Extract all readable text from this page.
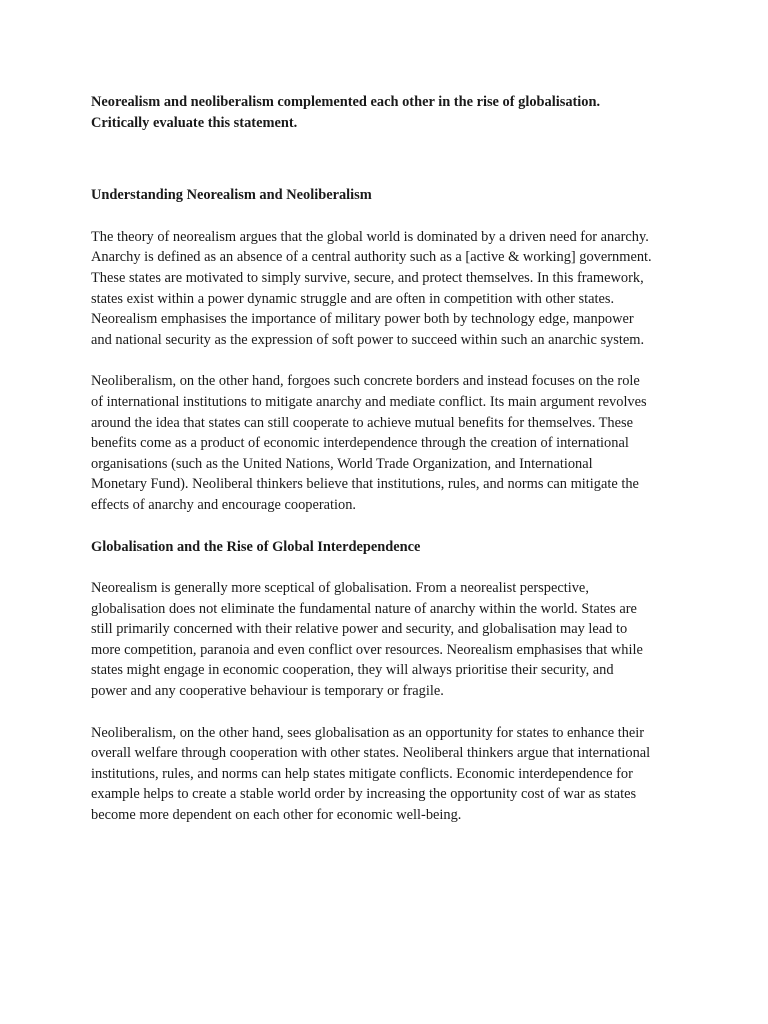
Neorealism and neoliberalism complemented each other in the rise of globalisation.
Critically evaluate this statement.

Understanding Neorealism and Neoliberalism

The theory of neorealism argues that the global world is dominated by a driven need for anarchy.
Anarchy is defined as an absence of a central authority such as a [active & working] government.
These states are motivated to simply survive, secure, and protect themselves. In this framework,
states exist within a power dynamic struggle and are often in competition with other states.
Neorealism emphasises the importance of military power both by technology edge, manpower
and national security as the expression of soft power to succeed within such an anarchic system.

Neoliberalism, on the other hand, forgoes such concrete borders and instead focuses on the role
of international institutions to mitigate anarchy and mediate conflict. Its main argument revolves
around the idea that states can still cooperate to achieve mutual benefits for themselves. These
benefits come as a product of economic interdependence through the creation of international
organisations (such as the United Nations, World Trade Organization, and International
Monetary Fund). Neoliberal thinkers believe that institutions, rules, and norms can mitigate the
effects of anarchy and encourage cooperation.

Globalisation and the Rise of Global Interdependence

Neorealism is generally more sceptical of globalisation. From a neorealist perspective,
globalisation does not eliminate the fundamental nature of anarchy within the world. States are
still primarily concerned with their relative power and security, and globalisation may lead to
more competition, paranoia and even conflict over resources. Neorealism emphasises that while
states might engage in economic cooperation, they will always prioritise their security, and
power and any cooperative behaviour is temporary or fragile.

Neoliberalism, on the other hand, sees globalisation as an opportunity for states to enhance their
overall welfare through cooperation with other states. Neoliberal thinkers argue that international
institutions, rules, and norms can help states mitigate conflicts. Economic interdependence for
example helps to create a stable world order by increasing the opportunity cost of war as states
become more dependent on each other for economic well-being.
